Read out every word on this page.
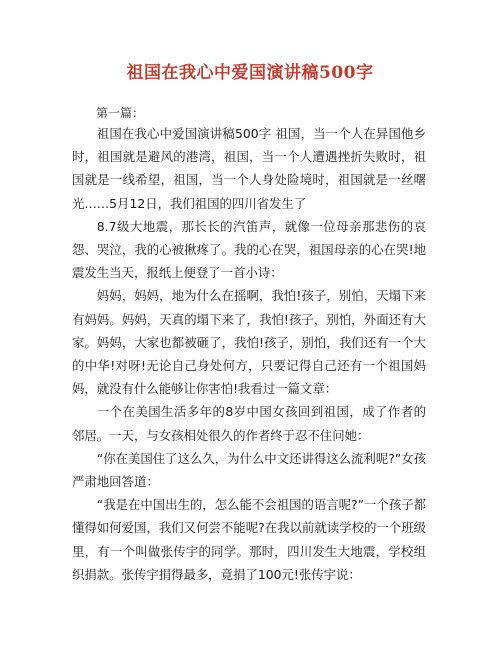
祖国在我心中爱国演讲稿500字
第一篇：

祖国在我心中爱国演讲稿500字 祖国，当一个人在异国他乡时，祖国就是避风的港湾，祖国，当一个人遭遇挫折失败时，祖国就是一线希望，祖国，当一个人身处险境时，祖国就是一丝曙光……5月12日，我们祖国的四川省发生了

8.7级大地震，那长长的汽笛声，就像一位母亲那悲伤的哀怨、哭泣，我的心被揪疼了。我的心在哭，祖国母亲的心在哭!地震发生当天，报纸上便登了一首小诗：

妈妈，妈妈，地为什么在摇啊，我怕!孩子，别怕，天塌下来有妈妈。妈妈，天真的塌下来了，我怕!孩子，别怕，外面还有大家。妈妈，大家也都被砸了，我怕!孩子，别怕，我们还有一个大的中华!对呀!无论自己身处何方，只要记得自己还有一个祖国妈妈，就没有什么能够让你害怕!我看过一篇文章：

一个在美国生活多年的8岁中国女孩回到祖国，成了作者的邻居。一天，与女孩相处很久的作者终于忍不住问她：

“你在美国住了这么久，为什么中文还讲得这么流利呢?”女孩严肃地回答道：

“我是在中国出生的，怎么能不会祖国的语言呢?”一个孩子都懂得如何爱国，我们又何尝不能呢?在我以前就读学校的一个班级里，有一个叫做张传宇的同学。那时，四川发生大地震，学校组织捐款。张传宇捐得最多，竟捐了100元!张传宇说：
